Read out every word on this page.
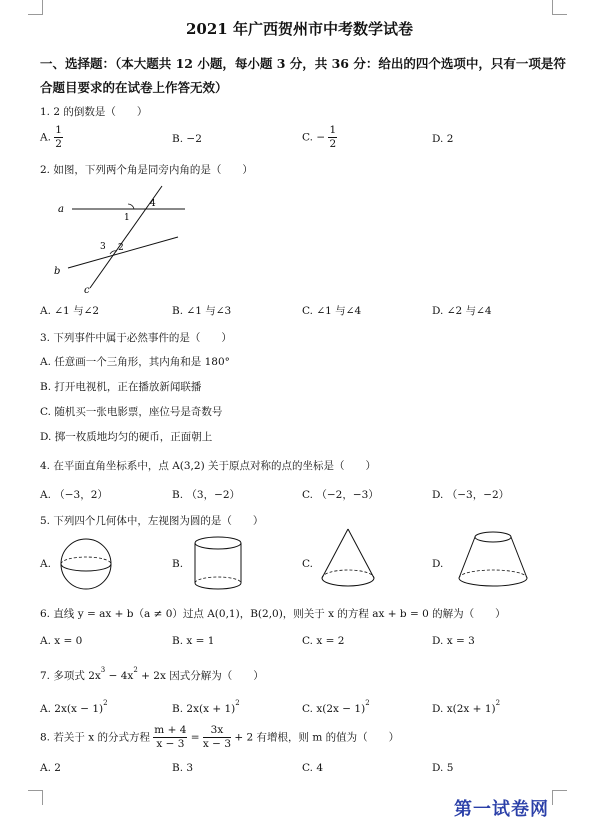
2021 年广西贺州市中考数学试卷
一、选择题：（本大题共 12 小题，每小题 3 分，共 36 分：给出的四个选项中，只有一项是符合题目要求的在试卷上作答无效）
1. 2 的倒数是（　　）
A. $\frac{1}{2}$	B. −2	C. − $\frac{1}{2}$	D. 2
2. 如图，下列两个角是同旁内角的是（　　）
a
b
c
1
2
3
4
A. ∠1 与∠2	B. ∠1 与∠3	C. ∠1 与∠4	D. ∠2 与∠4
3. 下列事件中属于必然事件的是（　　）
A. 任意画一个三角形，其内角和是 180°
B. 打开电视机，正在播放新闻联播
C. 随机买一张电影票，座位号是奇数号
D. 掷一枚质地均匀的硬币，正面朝上
4. 在平面直角坐标系中，点 A(3,2) 关于原点对称的点的坐标是（　　）
A. （−3，2）	B. （3，−2）	C. （−2，−3）	D. （−3，−2）
5. 下列四个几何体中，左视图为圆的是（　　）
A.	B.	C.	D.
6. 直线 y = ax + b（a ≠ 0）过点 A(0,1)，B(2,0)，则关于 x 的方程 ax + b = 0 的解为（　　）
A. x = 0	B. x = 1	C. x = 2	D. x = 3
7. 多项式 $2x^3 - 4x^2 + 2x$ 因式分解为（　　）
A. $2x(x - 1)^2$	B. $2x(x + 1)^2$	C. $x(2x - 1)^2$	D. $x(2x + 1)^2$
8. 若关于 x 的分式方程 $\frac{m + 4}{x - 3} = \frac{3x}{x - 3} + 2$ 有增根，则 m 的值为（　　）
A. 2	B. 3	C. 4	D. 5
第一试卷网
